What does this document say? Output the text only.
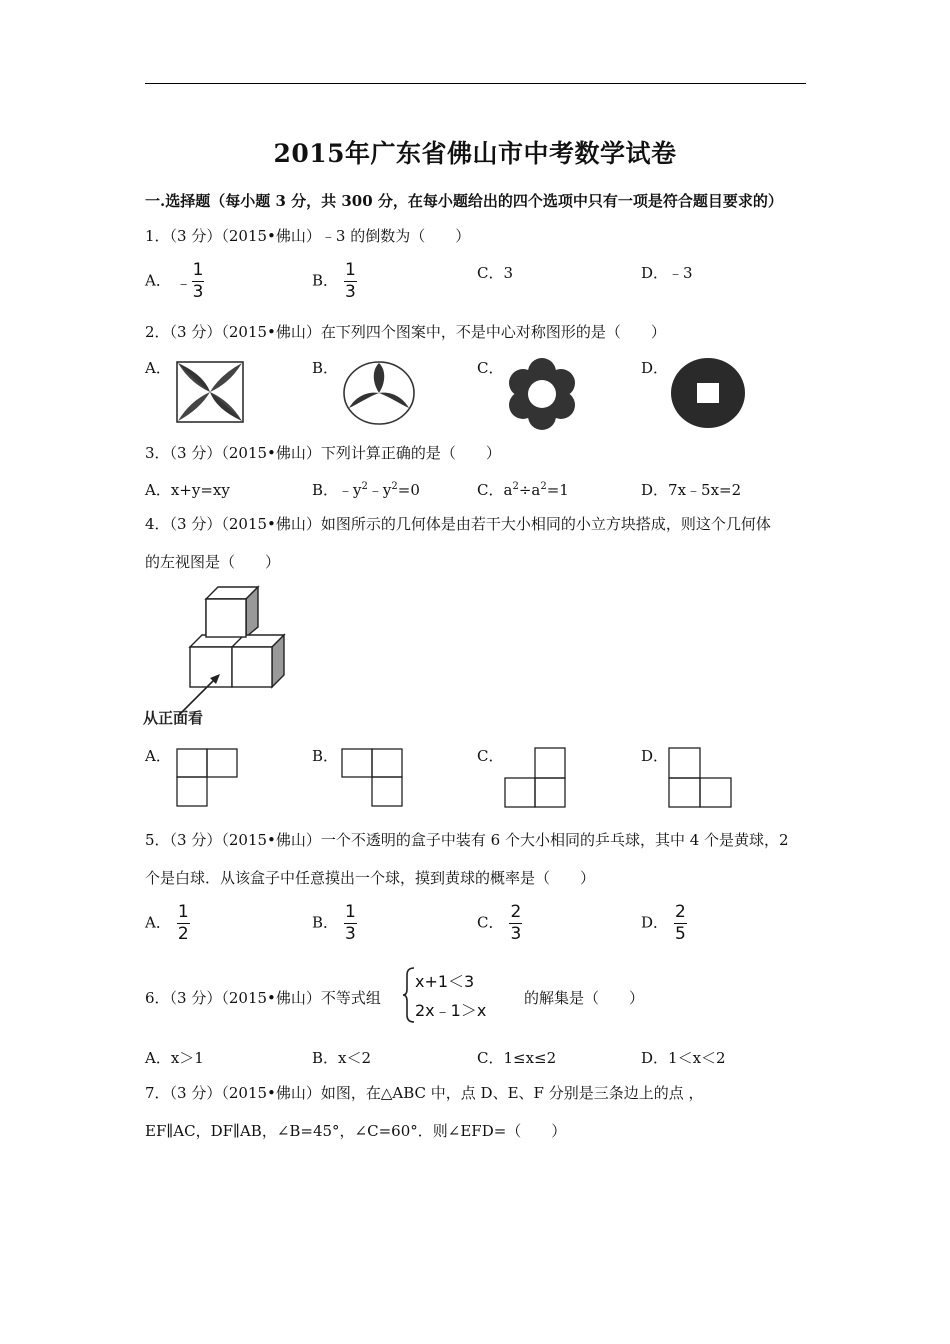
2015年广东省佛山市中考数学试卷
一.选择题（每小题 3 分，共 300 分，在每小题给出的四个选项中只有一项是符合题目要求的）
1．（3 分）（2015•佛山）﹣3 的倒数为（　　）
A． ﹣ $\frac{1}{3}$	B． $\frac{1}{3}$	C．3	D．﹣3
2．（3 分）（2015•佛山）在下列四个图案中，不是中心对称图形的是（　　）
A．	B．	C．	D．
3．（3 分）（2015•佛山）下列计算正确的是（　　）
A．x+y=xy	B．$﹣y^2﹣y^2=0$	C．$a^2\div a^2=1$	D．7x﹣5x=2
4．（3 分）（2015•佛山）如图所示的几何体是由若干大小相同的小立方块搭成，则这个几何体
的左视图是（　　）
从正面看
A．	B．	C．	D．
5．（3 分）（2015•佛山）一个不透明的盒子中装有 6 个大小相同的乒乓球，其中 4 个是黄球，2
个是白球．从该盒子中任意摸出一个球，摸到黄球的概率是（　　）
A． $\frac{1}{2}$	B． $\frac{1}{3}$	C． $\frac{2}{3}$	D． $\frac{2}{5}$
6．（3 分）（2015•佛山）不等式组
x+1＜3
2x﹣1＞x
的解集是（　　）
A．x＞1	B．x＜2	C．1≤x≤2	D．1＜x＜2
7．（3 分）（2015•佛山）如图，在△ABC 中，点 D、E、F 分别是三条边上的点 ，
EF∥AC，DF∥AB，∠B=45°，∠C=60°．则∠EFD=（　　）
